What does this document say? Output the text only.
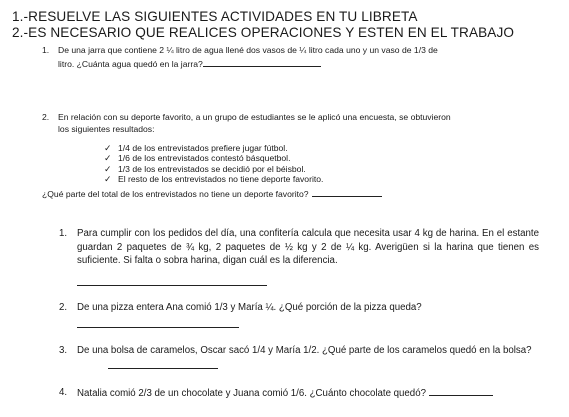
1.-RESUELVE LAS SIGUIENTES ACTIVIDADES EN TU LIBRETA
2.-ES NECESARIO QUE REALICES OPERACIONES Y ESTEN EN EL TRABAJO
1. De una jarra que contiene 2 ¼ litro de agua llené dos vasos de ¼ litro cada uno y un vaso de 1/3 de
litro. ¿Cuánta agua quedó en la jarra?
2. En relación con su deporte favorito, a un grupo de estudiantes se le aplicó una encuesta, se obtuvieron
los siguientes resultados:
✓ 1/4 de los entrevistados prefiere jugar fútbol.
✓ 1/6 de los entrevistados contestó básquetbol.
✓ 1/3 de los entrevistados se decidió por el béisbol.
✓ El resto de los entrevistados no tiene deporte favorito.
¿Qué parte del total de los entrevistados no tiene un deporte favorito?
1. Para cumplir con los pedidos del día, una confitería calcula que necesita usar 4 kg de harina. En el estante guardan 2 paquetes de ¾ kg, 2 paquetes de ½ kg y 2 de ¼ kg. Averigüen si la harina que tienen es suficiente. Si falta o sobra harina, digan cuál es la diferencia.
2. De una pizza entera Ana comió 1/3 y María ¼. ¿Qué porción de la pizza queda?
3. De una bolsa de caramelos, Oscar sacó 1/4 y María 1/2. ¿Qué parte de los caramelos quedó en la bolsa?
4. Natalia comió 2/3 de un chocolate y Juana comió 1/6. ¿Cuánto chocolate quedó?
